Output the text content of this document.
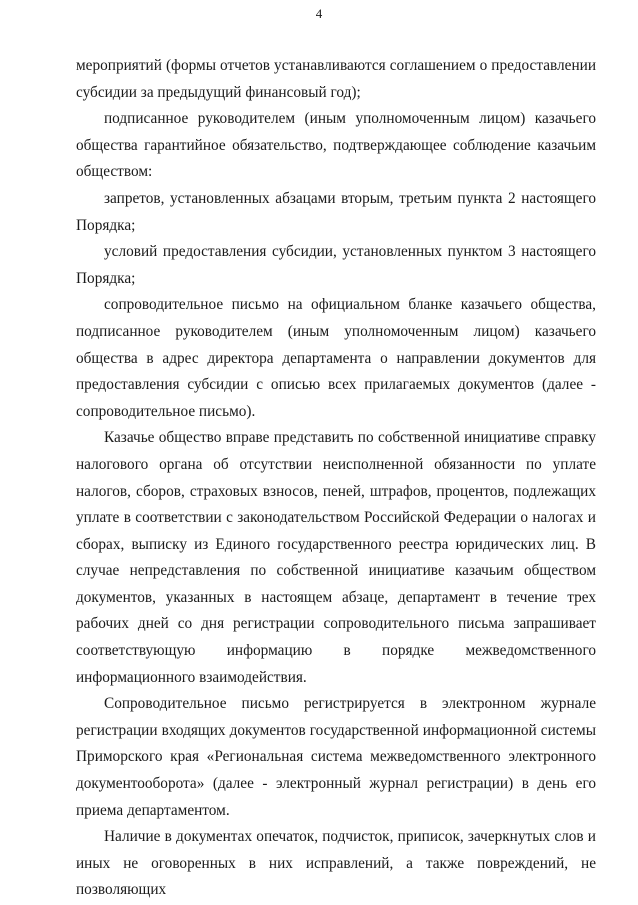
4

мероприятий (формы отчетов устанавливаются соглашением о предоставлении субсидии за предыдущий финансовый год);

подписанное руководителем (иным уполномоченным лицом) казачьего общества гарантийное обязательство, подтверждающее соблюдение казачьим обществом:

запретов, установленных абзацами вторым, третьим пункта 2 настоящего Порядка;

условий предоставления субсидии, установленных пунктом 3 настоящего Порядка;

сопроводительное письмо на официальном бланке казачьего общества, подписанное руководителем (иным уполномоченным лицом) казачьего общества в адрес директора департамента о направлении документов для предоставления субсидии с описью всех прилагаемых документов (далее - сопроводительное письмо).

Казачье общество вправе представить по собственной инициативе справку налогового органа об отсутствии неисполненной обязанности по уплате налогов, сборов, страховых взносов, пеней, штрафов, процентов, подлежащих уплате в соответствии с законодательством Российской Федерации о налогах и сборах, выписку из Единого государственного реестра юридических лиц. В случае непредставления по собственной инициативе казачьим обществом документов, указанных в настоящем абзаце, департамент в течение трех рабочих дней со дня регистрации сопроводительного письма запрашивает соответствующую информацию в порядке межведомственного информационного взаимодействия.

Сопроводительное письмо регистрируется в электронном журнале регистрации входящих документов государственной информационной системы Приморского края «Региональная система межведомственного электронного документооборота» (далее - электронный журнал регистрации) в день его приема департаментом.

Наличие в документах опечаток, подчисток, приписок, зачеркнутых слов и иных не оговоренных в них исправлений, а также повреждений, не позволяющих
